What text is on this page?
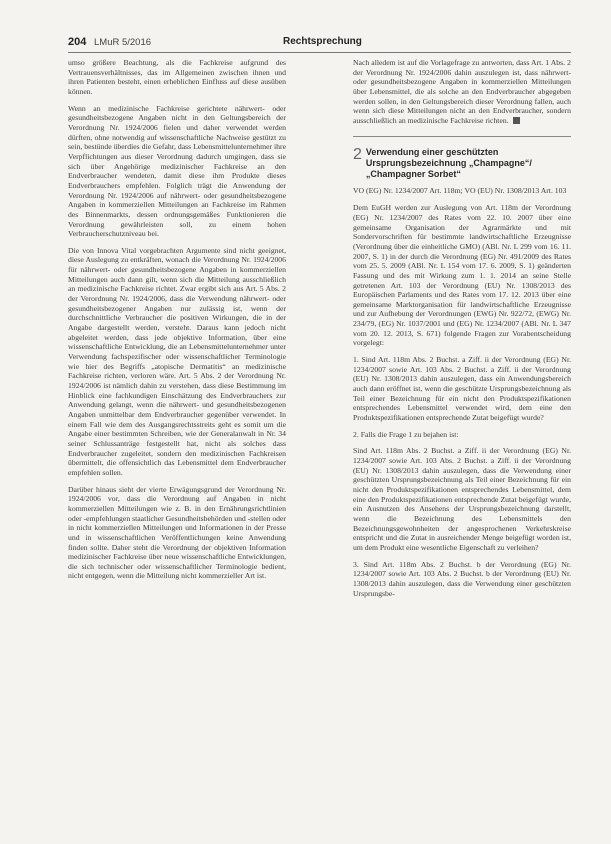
204 LMuR 5/2016	Rechtsprechung

umso größere Beachtung, als die Fachkreise aufgrund des Vertrauensverhältnisses, das im Allgemeinen zwischen ihnen und ihren Patienten besteht, einen erheblichen Einfluss auf diese ausüben können.

Wenn an medizinische Fachkreise gerichtete nährwert- oder gesundheitsbezogene Angaben nicht in den Geltungsbereich der Verordnung Nr. 1924/2006 fielen und daher verwendet werden dürften, ohne notwendig auf wissenschaftliche Nachweise gestützt zu sein, bestünde überdies die Gefahr, dass Lebensmittelunternehmer ihre Verpflichtungen aus dieser Verordnung dadurch umgingen, dass sie sich über Angehörige medizinischer Fachkreise an den Endverbraucher wendeten, damit diese ihm Produkte dieses Endverbrauchers empfehlen. Folglich trägt die Anwendung der Verordnung Nr. 1924/2006 auf nährwert- oder gesundheitsbezogene Angaben in kommerziellen Mitteilungen an Fachkreise im Rahmen des Binnenmarkts, dessen ordnungsgemäßes Funktionieren die Verordnung gewährleisten soll, zu einem hohen Verbraucherschutzniveau bei.

Die von Innova Vital vorgebrachten Argumente sind nicht geeignet, diese Auslegung zu entkräften, wonach die Verordnung Nr. 1924/2006 für nährwert- oder gesundheitsbezogene Angaben in kommerziellen Mitteilungen auch dann gilt, wenn sich die Mitteilung ausschließlich an medizinische Fachkreise richtet. Zwar ergibt sich aus Art. 5 Abs. 2 der Verordnung Nr. 1924/2006, dass die Verwendung nährwert- oder gesundheitsbezogener Angaben nur zulässig ist, wenn der durchschnittliche Verbraucher die positiven Wirkungen, die in der Angabe dargestellt werden, versteht. Daraus kann jedoch nicht abgeleitet werden, dass jede objektive Information, über eine wissenschaftliche Entwicklung, die an Lebensmittelunternehmer unter Verwendung fachspezifischer oder wissenschaftlicher Terminologie wie hier des Begriffs „atopische Dermatitis“ an medizinische Fachkreise richten, verloren wäre. Art. 5 Abs. 2 der Verordnung Nr. 1924/2006 ist nämlich dahin zu verstehen, dass diese Bestimmung im Hinblick eine fachkundigen Einschätzung des Endverbrauchers zur Anwendung gelangt, wenn die nährwert- und gesundheitsbezogenen Angaben unmittelbar dem Endverbraucher gegenüber verwendet. In einem Fall wie dem des Ausgangsrechtsstreits geht es somit um die Angabe einer bestimmten Schreiben, wie der Generalanwalt in Nr. 34 seiner Schlussanträge festgestellt hat, nicht als solches dass Endverbraucher zugeleitet, sondern den medizinischen Fachkreisen übermittelt, die offensichtlich das Lebensmittel dem Endverbraucher empfehlen sollen.

Darüber hinaus sieht der vierte Erwägungsgrund der Verordnung Nr. 1924/2006 vor, dass die Verordnung auf Angaben in nicht kommerziellen Mitteilungen wie z. B. in den Ernährungsrichtlinien oder -empfehlungen staatlicher Gesundheitsbehörden und -stellen oder in nicht kommerziellen Mitteilungen und Informationen in der Presse und in wissenschaftlichen Veröffentlichungen keine Anwendung finden sollte. Daher steht die Verordnung der objektiven Information medizinischer Fachkreise über neue wissenschaftliche Entwicklungen, die sich technischer oder wissenschaftlicher Terminologie bedient, nicht entgegen, wenn die Mitteilung nicht kommerzieller Art ist.

Nach alledem ist auf die Vorlagefrage zu antworten, dass Art. 1 Abs. 2 der Verordnung Nr. 1924/2006 dahin auszulegen ist, dass nährwert- oder gesundheitsbezogene Angaben in kommerziellen Mitteilungen über Lebensmittel, die als solche an den Endverbraucher abgegeben werden sollen, in den Geltungsbereich dieser Verordnung fallen, auch wenn sich diese Mitteilungen nicht an den Endverbraucher, sondern ausschließlich an medizinische Fachkreise richten.

2 Verwendung einer geschützten Ursprungsbezeichnung „Champagne“/ „Champagner Sorbet“

VO (EG) Nr. 1234/2007 Art. 118m; VO (EU) Nr. 1308/2013 Art. 103

Dem EuGH werden zur Auslegung von Art. 118m der Verordnung (EG) Nr. 1234/2007 des Rates vom 22. 10. 2007 über eine gemeinsame Organisation der Agrarmärkte und mit Sondervorschriften für bestimmte landwirtschaftliche Erzeugnisse (Verordnung über die einheitliche GMO) (ABl. Nr. L 299 vom 16. 11. 2007, S. 1) in der durch die Verordnung (EG) Nr. 491/2009 des Rates vom 25. 5. 2009 (ABl. Nr. L 154 vom 17. 6. 2009, S. 1) geänderten Fassung und des mit Wirkung zum 1. 1. 2014 an seine Stelle getretenen Art. 103 der Verordnung (EU) Nr. 1308/2013 des Europäischen Parlaments und des Rates vom 17. 12. 2013 über eine gemeinsame Marktorganisation für landwirtschaftliche Erzeugnisse und zur Aufhebung der Verordnungen (EWG) Nr. 922/72, (EWG) Nr. 234/79, (EG) Nr. 1037/2001 und (EG) Nr. 1234/2007 (ABl. Nr. L 347 vom 20. 12. 2013, S. 671) folgende Fragen zur Vorabentscheidung vorgelegt:

1. Sind Art. 118m Abs. 2 Buchst. a Ziff. ii der Verordnung (EG) Nr. 1234/2007 sowie Art. 103 Abs. 2 Buchst. a Ziff. ii der Verordnung (EU) Nr. 1308/2013 dahin auszulegen, dass ein Anwendungsbereich auch dann eröffnet ist, wenn die geschützte Ursprungsbezeichnung als Teil einer Bezeichnung für ein nicht den Produktspezifikationen entsprechendes Lebensmittel verwendet wird, dem eine den Produktspezifikationen entsprechende Zutat beigefügt wurde?

2. Falls die Frage 1 zu bejahen ist:

Sind Art. 118m Abs. 2 Buchst. a Ziff. ii der Verordnung (EG) Nr. 1234/2007 sowie Art. 103 Abs. 2 Buchst. a Ziff. ii der Verordnung (EU) Nr. 1308/2013 dahin auszulegen, dass die Verwendung einer geschützten Ursprungsbezeichnung als Teil einer Bezeichnung für ein nicht den Produktspezifikationen entsprechendes Lebensmittel, dem eine den Produktspezifikationen entsprechende Zutat beigefügt wurde, ein Ausnutzen des Ansehens der Ursprungsbezeichnung darstellt, wenn die Bezeichnung des Lebensmittels den Bezeichnungsgewohnheiten der angesprochenen Verkehrskreise entspricht und die Zutat in ausreichender Menge beigefügt worden ist, um dem Produkt eine wesentliche Eigenschaft zu verleihen?

3. Sind Art. 118m Abs. 2 Buchst. b der Verordnung (EG) Nr. 1234/2007 sowie Art. 103 Abs. 2 Buchst. b der Verordnung (EU) Nr. 1308/2013 dahin auszulegen, dass die Verwendung einer geschützten Ursprungsbe-
